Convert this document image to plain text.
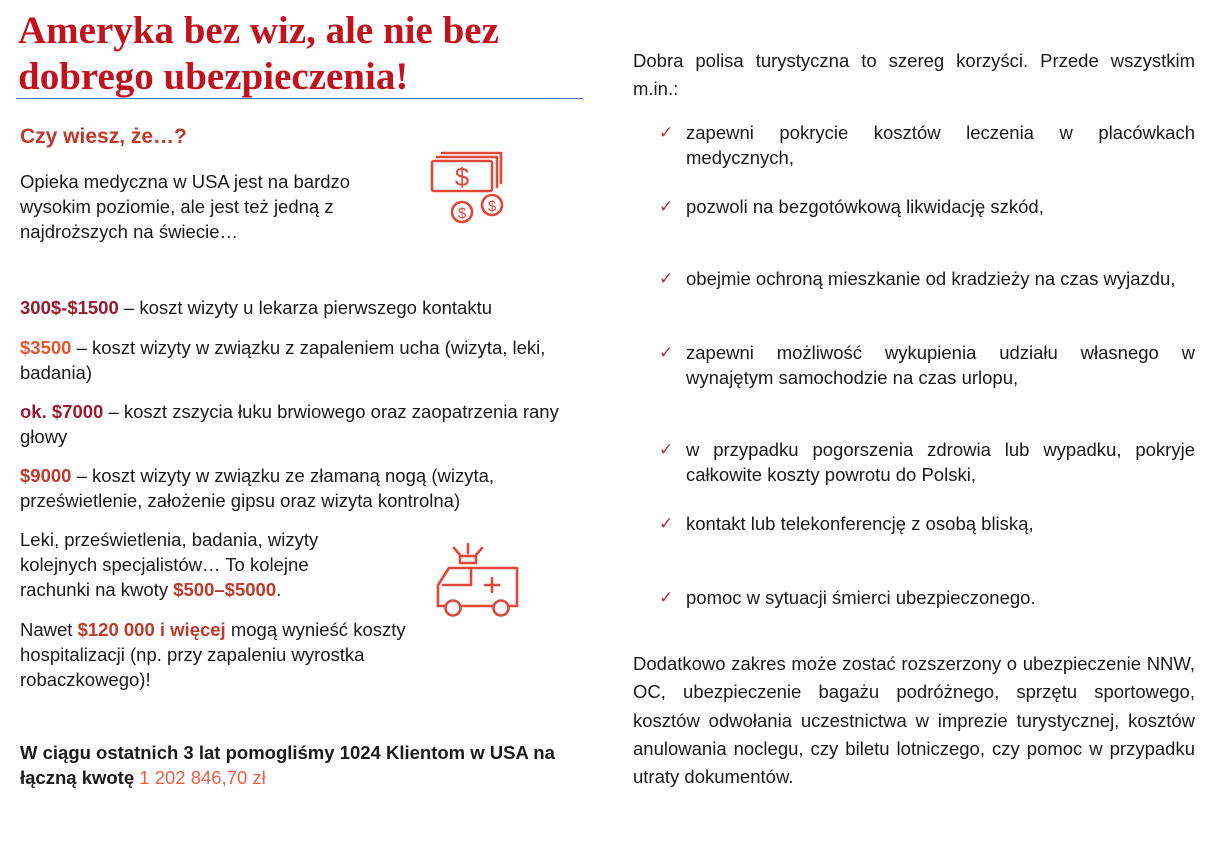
Ameryka bez wiz, ale nie bez dobrego ubezpieczenia!
Czy wiesz, że…?

Opieka medyczna w USA jest na bardzo wysokim poziomie, ale jest też jedną z najdroższych na świecie…

$
$ $

300$-$1500 – koszt wizyty u lekarza pierwszego kontaktu

$3500 – koszt wizyty w związku z zapaleniem ucha (wizyta, leki, badania)

ok. $7000 – koszt zszycia łuku brwiowego oraz zaopatrzenia rany głowy

$9000 – koszt wizyty w związku ze złamaną nogą (wizyta, prześwietlenie, założenie gipsu oraz wizyta kontrolna)

Leki, prześwietlenia, badania, wizyty kolejnych specjalistów… To kolejne rachunki na kwoty $500–$5000.

Nawet $120 000 i więcej mogą wynieść koszty hospitalizacji (np. przy zapaleniu wyrostka robaczkowego)!

W ciągu ostatnich 3 lat pomogliśmy 1024 Klientom w USA na łączną kwotę 1 202 846,70 zł

Dobra polisa turystyczna to szereg korzyści. Przede wszystkim m.in.:

✓ zapewni pokrycie kosztów leczenia w placówkach medycznych,
✓ pozwoli na bezgotówkową likwidację szkód,
✓ obejmie ochroną mieszkanie od kradzieży na czas wyjazdu,
✓ zapewni możliwość wykupienia udziału własnego w wynajętym samochodzie na czas urlopu,
✓ w przypadku pogorszenia zdrowia lub wypadku, pokryje całkowite koszty powrotu do Polski,
✓ kontakt lub telekonferencję z osobą bliską,
✓ pomoc w sytuacji śmierci ubezpieczonego.

Dodatkowo zakres może zostać rozszerzony o ubezpieczenie NNW, OC, ubezpieczenie bagażu podróżnego, sprzętu sportowego, kosztów odwołania uczestnictwa w imprezie turystycznej, kosztów anulowania noclegu, czy biletu lotniczego, czy pomoc w przypadku utraty dokumentów.
